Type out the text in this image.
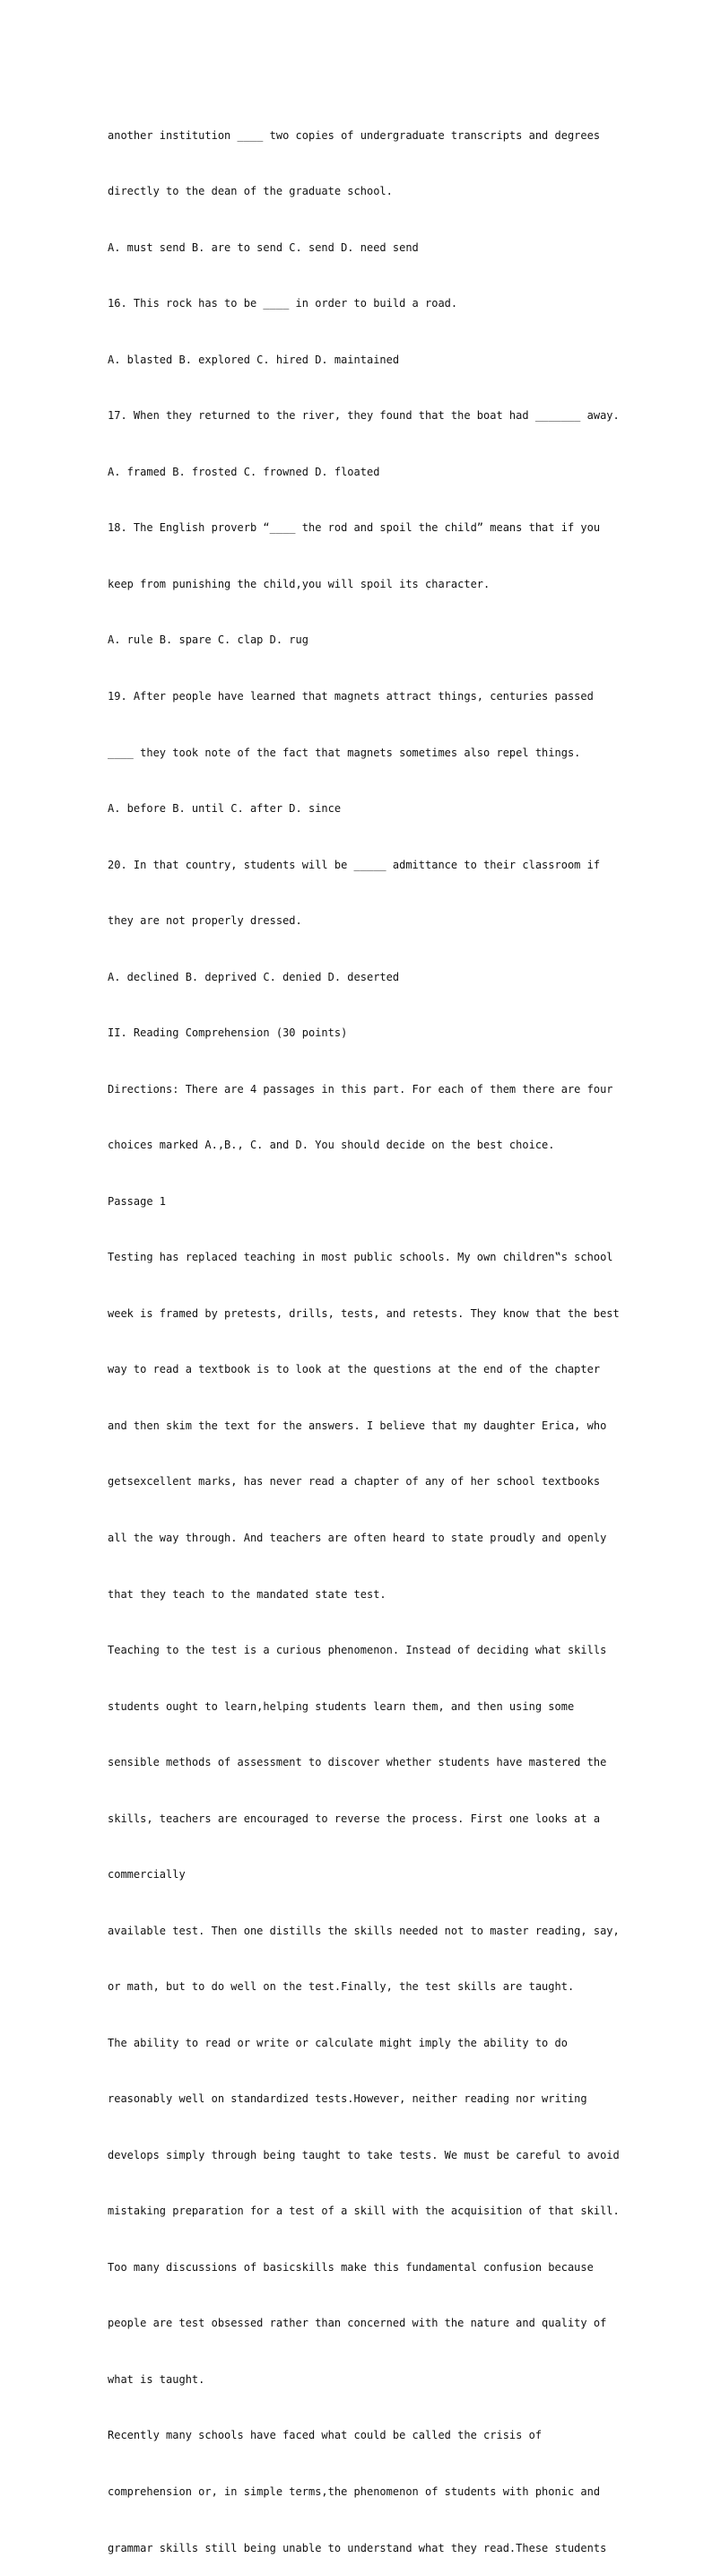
another institution ____ two copies of undergraduate transcripts and degrees

directly to the dean of the graduate school.

A. must send B. are to send C. send D. need send

16. This rock has to be ____ in order to build a road.

A. blasted B. explored C. hired D. maintained

17. When they returned to the river, they found that the boat had _______ away.

A. framed B. frosted C. frowned D. floated

18. The English proverb “____ the rod and spoil the child” means that if you

keep from punishing the child,you will spoil its character.

A. rule B. spare C. clap D. rug

19. After people have learned that magnets attract things, centuries passed

____ they took note of the fact that magnets sometimes also repel things.

A. before B. until C. after D. since

20. In that country, students will be _____ admittance to their classroom if

they are not properly dressed.

A. declined B. deprived C. denied D. deserted

II. Reading Comprehension (30 points)

Directions: There are 4 passages in this part. For each of them there are four

choices marked A.,B., C. and D. You should decide on the best choice.

Passage 1

Testing has replaced teaching in most public schools. My own children‟s school

week is framed by pretests, drills, tests, and retests. They know that the best

way to read a textbook is to look at the questions at the end of the chapter

and then skim the text for the answers. I believe that my daughter Erica, who

getsexcellent marks, has never read a chapter of any of her school textbooks

all the way through. And teachers are often heard to state proudly and openly

that they teach to the mandated state test.

Teaching to the test is a curious phenomenon. Instead of deciding what skills

students ought to learn,helping students learn them, and then using some

sensible methods of assessment to discover whether students have mastered the

skills, teachers are encouraged to reverse the process. First one looks at a

commercially

available test. Then one distills the skills needed not to master reading, say,

or math, but to do well on the test.Finally, the test skills are taught.

The ability to read or write or calculate might imply the ability to do

reasonably well on standardized tests.However, neither reading nor writing

develops simply through being taught to take tests. We must be careful to avoid

mistaking preparation for a test of a skill with the acquisition of that skill.

Too many discussions of basicskills make this fundamental confusion because

people are test obsessed rather than concerned with the nature and quality of

what is taught.

Recently many schools have faced what could be called the crisis of

comprehension or, in simple terms,the phenomenon of students with phonic and

grammar skills still being unable to understand what they read.These students
